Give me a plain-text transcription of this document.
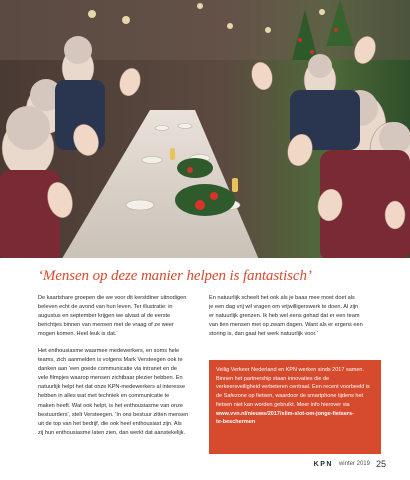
‘Mensen op deze manier helpen is fantastisch’
De kaartshare groepen die we voor dit kerstdiner uitnodigen
beleven echt de avond van hun leven. Ter illustratie: in
augustus en september krijgen we alvast al de eerste
berichtjes binnen van mensen met de vraag of ze weer
mogen komen. Heel leuk is dat.’
Het enthousiasme waarmee medewerkers, en soms hele
teams, zich aanmelden is volgens Mark Versteegen ook te
danken aan ‘een goede communicatie via intranet en de
vele filmpjes waarop mensen zichtbaar plezier hebben. En
natuurlijk helpt het dat onze KPN-medewerkers al interesse
hebben in alles wat met techniek en communicatie te
maken heeft. Wat ook helpt, is het enthousiasme van onze
bestuurders’, stelt Versteegen. ‘In ons bestuur zitten mensen
uit de top van het bedrijf, die ook heel enthousiast zijn. Als
zij hun enthousiasme laten zien, dan werkt dat aanstekelijk.
En natuurlijk scheelt het ook als je baas mee moet doet als
je een dag vrij wil vragen om vrijwilligerswerk te doen. Al zijn
er natuurlijk grenzen. Ik heb wel eens gehad dat er een team
van tien mensen met op zwam dagen. Want als er ergens een
storing is, dan gaat het werk natuurlijk voor.’
Veilig Verkeer Nederland en KPN werken sinds 2017 samen.
Binnen het partnership staan innovaties die de
verkeersveiligheid verbeteren centraal. Een recent voorbeeld is
de Safezone op fietsen, waardoor de smartphone tijdens het
fietsen niet kan worden gebruikt. Meer info hierover via
www.vvn.nl/nieuws/2017/slim-slot-om-jonge-fietsers-
te-beschermen
KPN winter 2019 25
